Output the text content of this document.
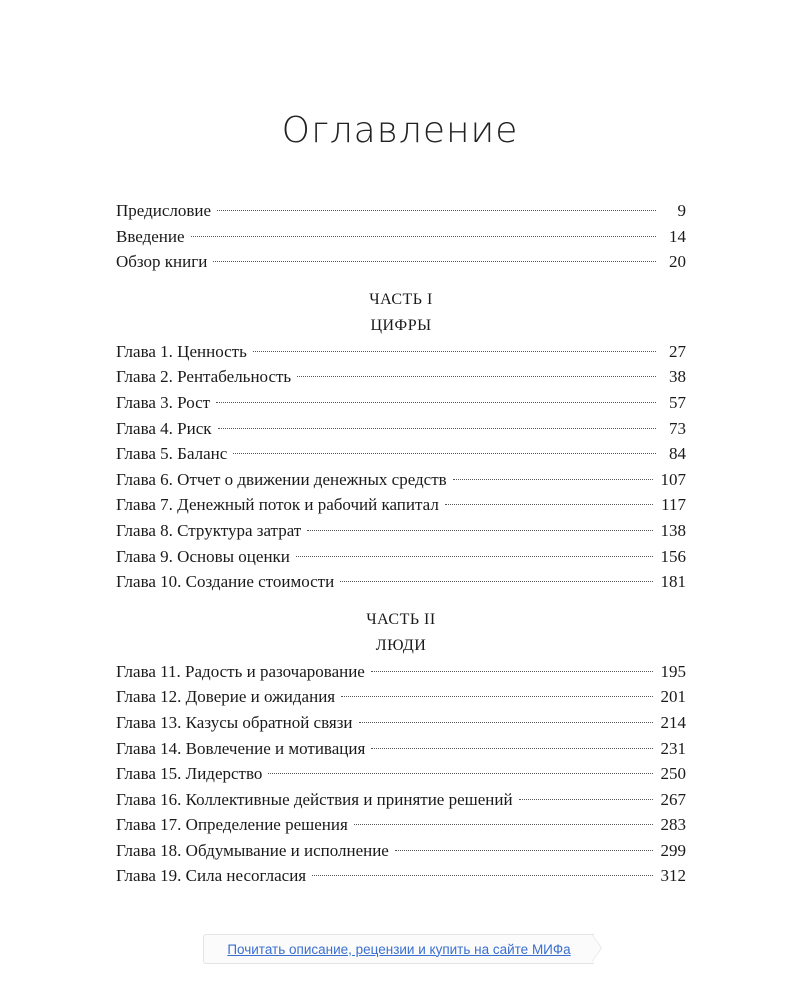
Оглавление
Предисловие	9
Введение	14
Обзор книги	20
ЧАСТЬ I
ЦИФРЫ
Глава 1. Ценность	27
Глава 2. Рентабельность	38
Глава 3. Рост	57
Глава 4. Риск	73
Глава 5. Баланс	84
Глава 6. Отчет о движении денежных средств	107
Глава 7. Денежный поток и рабочий капитал	117
Глава 8. Структура затрат	138
Глава 9. Основы оценки	156
Глава 10. Создание стоимости	181
ЧАСТЬ II
ЛЮДИ
Глава 11. Радость и разочарование	195
Глава 12. Доверие и ожидания	201
Глава 13. Казусы обратной связи	214
Глава 14. Вовлечение и мотивация	231
Глава 15. Лидерство	250
Глава 16. Коллективные действия и принятие решений	267
Глава 17. Определение решения	283
Глава 18. Обдумывание и исполнение	299
Глава 19. Сила несогласия	312
Почитать описание, рецензии и купить на сайте МИФа
